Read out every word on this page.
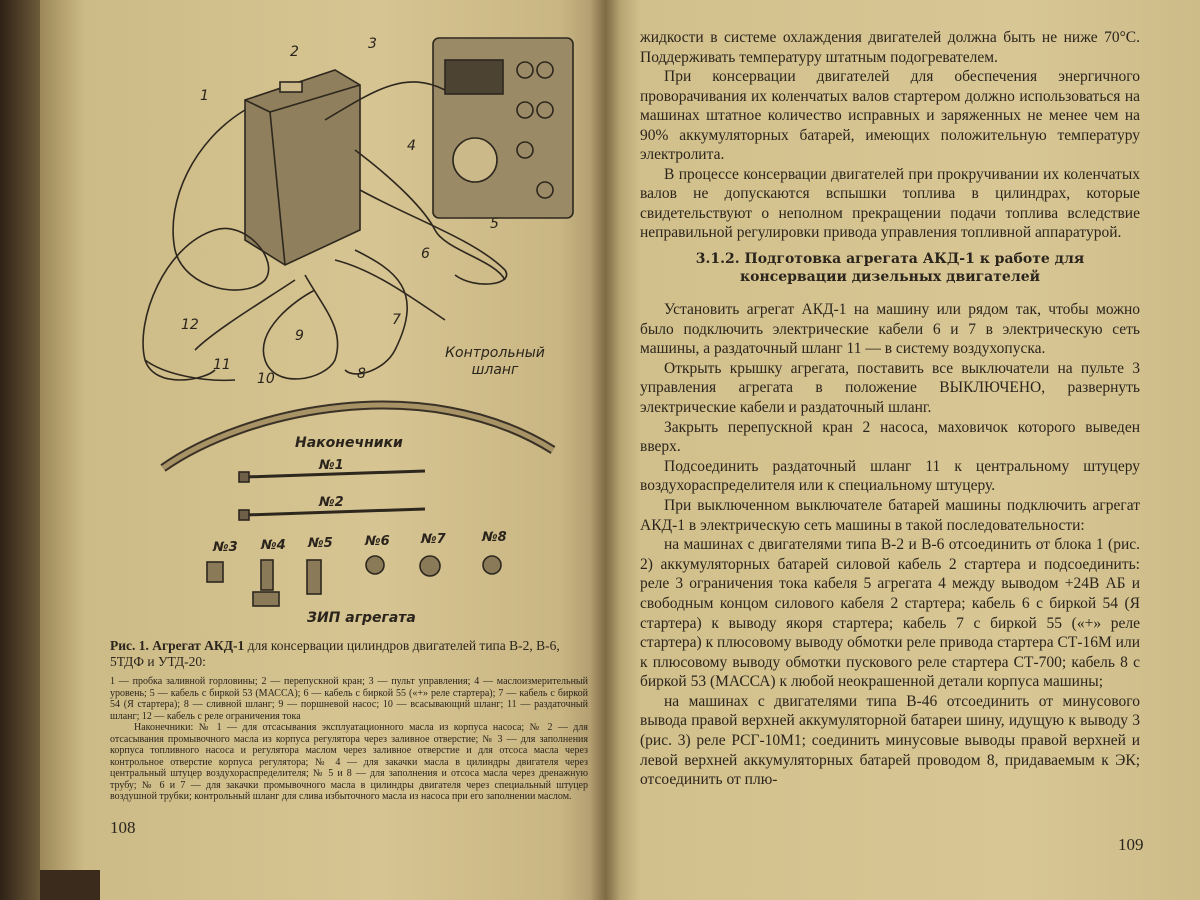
1
2	3
4
5
6
7
8
9
10
11
12
Контрольный
шланг
Наконечники
№1
№2
№3 №4 №5 №6 №7	№8
ЗИП агрегата
Рис. 1. Агрегат АКД-1 для консервации цилиндров двигателей типа В-2, В-6, 5ТДФ и УТД-20:

1 — пробка заливной горловины; 2 — перепускной кран; 3 — пульт управления; 4 — маслоизмерительный уровень; 5 — кабель с биркой 53 (МАССА); 6 — кабель с биркой 55 («+» реле стартера); 7 — кабель с биркой 54 (Я стартера); 8 — сливной шланг; 9 — поршневой насос; 10 — всасывающий шланг; 11 — раздаточный шланг; 12 — кабель с реле ограничения тока

Наконечники: № 1 — для отсасывания эксплуатационного масла из корпуса насоса; № 2 — для отсасывания промывочного масла из корпуса регулятора через заливное отверстие; № 3 — для заполнения корпуса топливного насоса и регулятора маслом через заливное отверстие и для отсоса масла через контрольное отверстие корпуса регулятора; № 4 — для закачки масла в цилиндры двигателя через центральный штуцер воздухораспределителя; № 5 и 8 — для заполнения и отсоса масла через дренажную трубу; № 6 и 7 — для закачки промывочного масла в цилиндры двигателя через специальный штуцер воздушной трубки; контрольный шланг для слива избыточного масла из насоса при его заполнении маслом.

108

жидкости в системе охлаждения двигателей должна быть не ниже 70°С. Поддерживать температуру штатным подогревателем.

При консервации двигателей для обеспечения энергичного проворачивания их коленчатых валов стартером должно использоваться на машинах штатное количество исправных и заряженных не менее чем на 90% аккумуляторных батарей, имеющих положительную температуру электролита.

В процессе консервации двигателей при прокручивании их коленчатых валов не допускаются вспышки топлива в цилиндрах, которые свидетельствуют о неполном прекращении подачи топлива вследствие неправильной регулировки привода управления топливной аппаратурой.

3.1.2. Подготовка агрегата АКД-1 к работе для консервации дизельных двигателей

Установить агрегат АКД-1 на машину или рядом так, чтобы можно было подключить электрические кабели 6 и 7 в электрическую сеть машины, а раздаточный шланг 11 — в систему воздухопуска.

Открыть крышку агрегата, поставить все выключатели на пульте 3 управления агрегата в положение ВЫКЛЮЧЕНО, развернуть электрические кабели и раздаточный шланг.

Закрыть перепускной кран 2 насоса, маховичок которого выведен вверх.

Подсоединить раздаточный шланг 11 к центральному штуцеру воздухораспределителя или к специальному штуцеру.

При выключенном выключателе батарей машины подключить агрегат АКД-1 в электрическую сеть машины в такой последовательности:

на машинах с двигателями типа В-2 и В-6 отсоединить от блока 1 (рис. 2) аккумуляторных батарей силовой кабель 2 стартера и подсоединить: реле 3 ограничения тока кабеля 5 агрегата 4 между выводом +24В АБ и свободным концом силового кабеля 2 стартера; кабель 6 с биркой 54 (Я стартера) к выводу якоря стартера; кабель 7 с биркой 55 («+» реле стартера) к плюсовому выводу обмотки реле привода стартера СТ-16М или к плюсовому выводу обмотки пускового реле стартера СТ-700; кабель 8 с биркой 53 (МАССА) к любой неокрашенной детали корпуса машины;

на машинах с двигателями типа В-46 отсоединить от минусового вывода правой верхней аккумуляторной батареи шину, идущую к выводу 3 (рис. 3) реле РСГ-10М1; соединить минусовые выводы правой верхней и левой верхней аккумуляторных батарей проводом 8, придаваемым к ЭК; отсоединить от плю-

109
